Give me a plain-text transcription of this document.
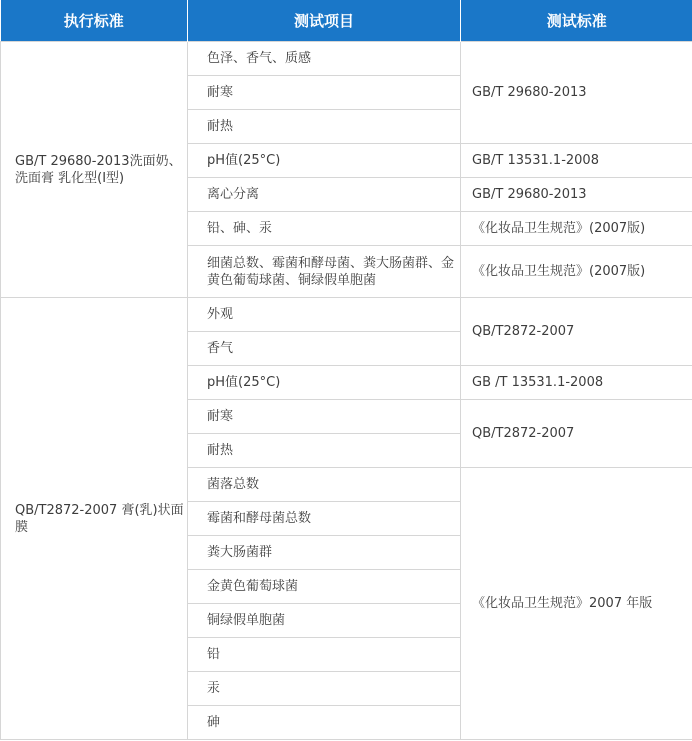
执行标准	测试项目	测试标准
GB/T 29680-2013洗面奶、洗面膏 乳化型(I型)	色泽、香气、质感	GB/T 29680-2013
	耐寒	
	耐热	
	pH值(25°C)	GB/T 13531.1-2008
	离心分离	GB/T 29680-2013
	铅、砷、汞	《化妆品卫生规范》(2007版)
	细菌总数、霉菌和酵母菌、粪大肠菌群、金黄色葡萄球菌、铜绿假单胞菌	《化妆品卫生规范》(2007版)
QB/T2872-2007 膏(乳)状面膜	外观	QB/T2872-2007
	香气	
	pH值(25°C)	GB /T 13531.1-2008
	耐寒	QB/T2872-2007
	耐热	
	菌落总数	《化妆品卫生规范》2007 年版
	霉菌和酵母菌总数	
	粪大肠菌群	
	金黄色葡萄球菌	
	铜绿假单胞菌	
	铅	
	汞	
	砷	
